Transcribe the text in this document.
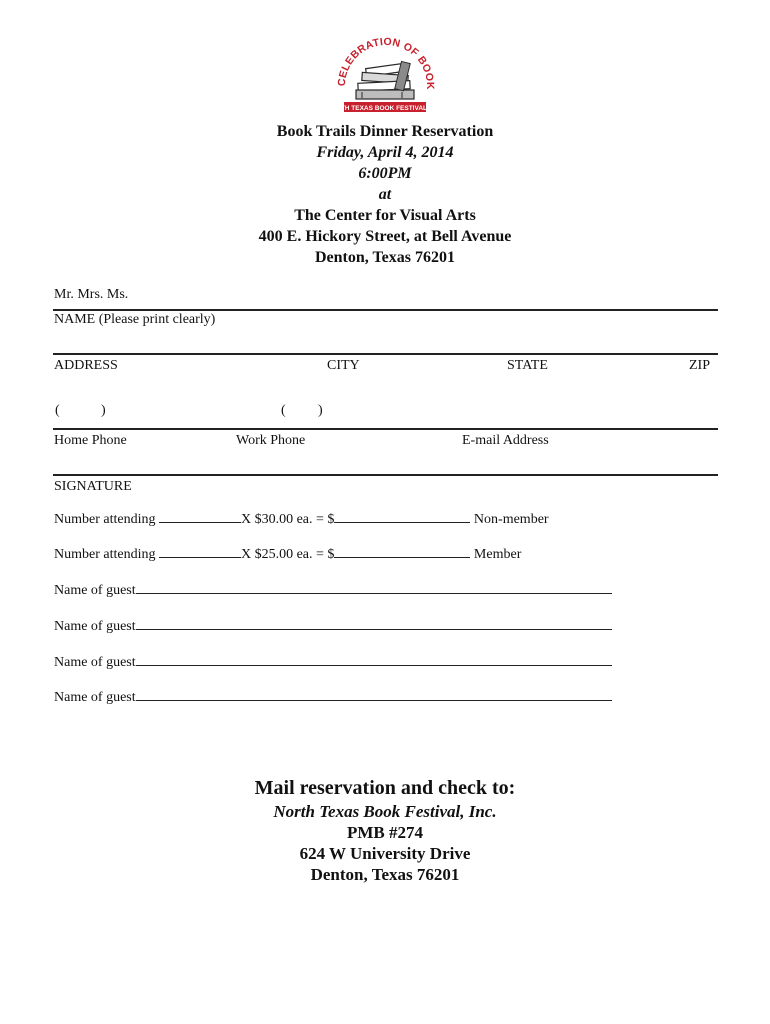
CELEBRATION OF BOOK
NORTH TEXAS BOOK FESTIVAL, INC.
Book Trails Dinner Reservation
Friday, April 4, 2014
6:00PM
at
The Center for Visual Arts
400 E. Hickory Street, at Bell Avenue
Denton, Texas 76201
Mr. Mrs. Ms.
NAME (Please print clearly)
ADDRESS	CITY	STATE	ZIP
(	)	( )
Home Phone	Work Phone	E-mail Address
SIGNATURE
Number attending	X $30.00 ea. = $	Non-member
Number attending	X $25.00 ea. = $	Member
Name of guest
Name of guest
Name of guest
Name of guest
Mail reservation and check to:
North Texas Book Festival, Inc.
PMB #274
624 W University Drive
Denton, Texas 76201
